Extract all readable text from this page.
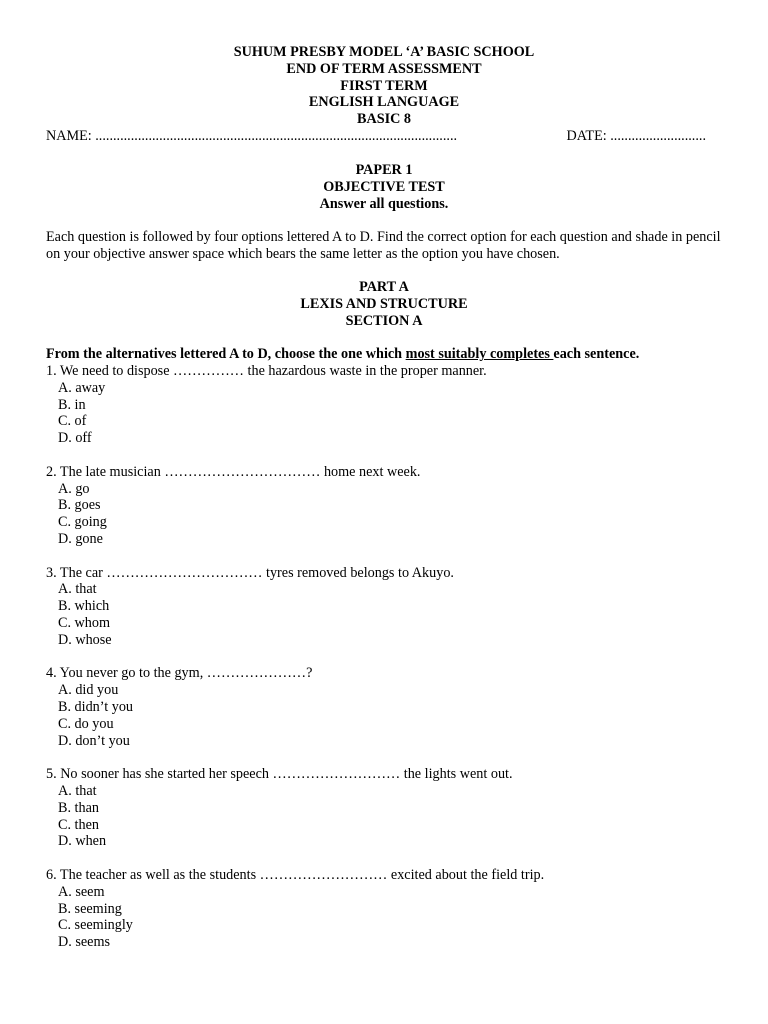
SUHUM PRESBY MODEL ‘A’ BASIC SCHOOL
END OF TERM ASSESSMENT
FIRST TERM
ENGLISH LANGUAGE
BASIC 8
NAME: ......................................................................................................	DATE: ...........................
PAPER 1
OBJECTIVE TEST
Answer all questions.
Each question is followed by four options lettered A to D. Find the correct option for each question and shade in pencil on your objective answer space which bears the same letter as the option you have chosen.
PART A
LEXIS AND STRUCTURE
SECTION A
From the alternatives lettered A to D, choose the one which most suitably completes each sentence.
1. We need to dispose …………… the hazardous waste in the proper manner.
A. away
B. in
C. of
D. off
2. The late musician …………………………… home next week.
A. go
B. goes
C. going
D. gone
3. The car …………………………… tyres removed belongs to Akuyo.
A. that
B. which
C. whom
D. whose
4. You never go to the gym, …………………?
A. did you
B. didn’t you
C. do you
D. don’t you
5. No sooner has she started her speech ……………………… the lights went out.
A. that
B. than
C. then
D. when
6. The teacher as well as the students ……………………… excited about the field trip.
A. seem
B. seeming
C. seemingly
D. seems
